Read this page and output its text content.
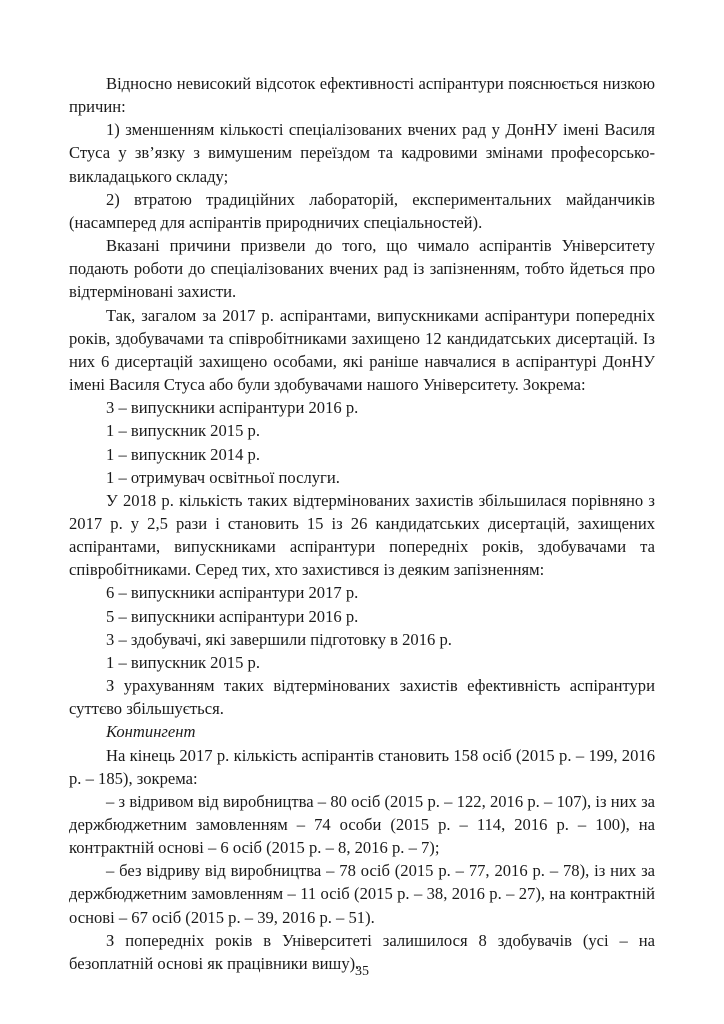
Відносно невисокий відсоток ефективності аспірантури пояснюється низкою причин:

1) зменшенням кількості спеціалізованих вчених рад у ДонНУ імені Василя Стуса у зв’язку з вимушеним переїздом та кадровими змінами професорсько-викладацького складу;

2) втратою традиційних лабораторій, експериментальних майданчиків (насамперед для аспірантів природничих спеціальностей).

Вказані причини призвели до того, що чимало аспірантів Університету подають роботи до спеціалізованих вчених рад із запізненням, тобто йдеться про відтерміновані захисти.

Так, загалом за 2017 р. аспірантами, випускниками аспірантури попередніх років, здобувачами та співробітниками захищено 12 кандидатських дисертацій. Із них 6 дисертацій захищено особами, які раніше навчалися в аспірантурі ДонНУ імені Василя Стуса або були здобувачами нашого Університету. Зокрема:

3 – випускники аспірантури 2016 р.

1 – випускник 2015 р.

1 – випускник 2014 р.

1 – отримувач освітньої послуги.

У 2018 р. кількість таких відтермінованих захистів збільшилася порівняно з 2017 р. у 2,5 рази і становить 15 із 26 кандидатських дисертацій, захищених аспірантами, випускниками аспірантури попередніх років, здобувачами та співробітниками. Серед тих, хто захистився із деяким запізненням:

6 – випускники аспірантури 2017 р.

5 – випускники аспірантури 2016 р.

3 – здобувачі, які завершили підготовку в 2016 р.

1 – випускник 2015 р.

З урахуванням таких відтермінованих захистів ефективність аспірантури суттєво збільшується.

Контингент

На кінець 2017 р. кількість аспірантів становить 158 осіб (2015 р. – 199, 2016 р. – 185), зокрема:

– з відривом від виробництва – 80 осіб (2015 р. – 122, 2016 р. – 107), із них за держбюджетним замовленням – 74 особи (2015 р. – 114, 2016 р. – 100), на контрактній основі – 6 осіб (2015 р. – 8, 2016 р. – 7);

– без відриву від виробництва – 78 осіб (2015 р. – 77, 2016 р. – 78), із них за держбюджетним замовленням – 11 осіб (2015 р. – 38, 2016 р. – 27), на контрактній основі – 67 осіб (2015 р. – 39, 2016 р. – 51).

З попередніх років в Університеті залишилося 8 здобувачів (усі – на безоплатній основі як працівники вишу).

35
